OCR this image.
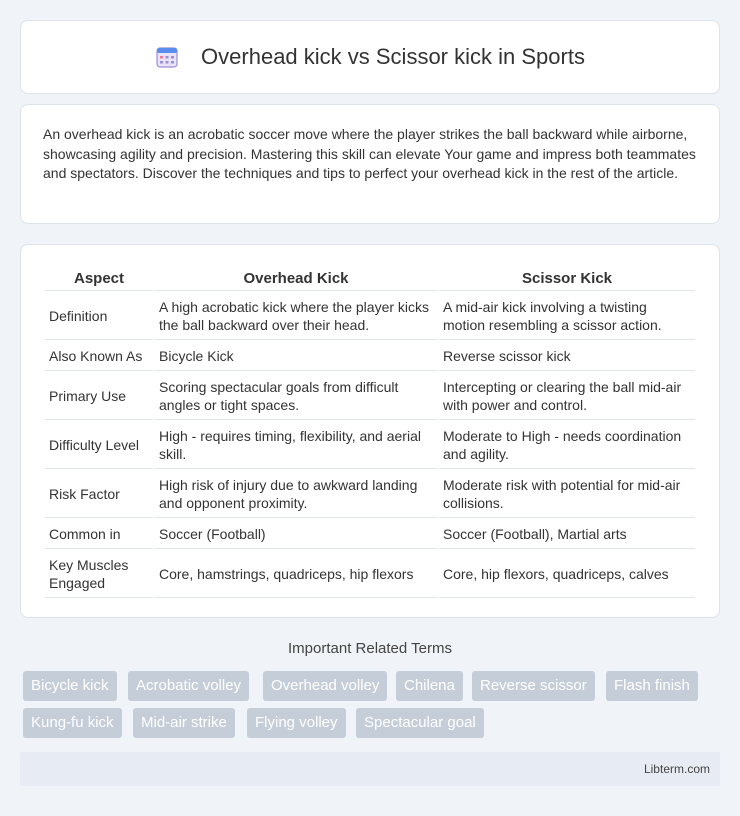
Overhead kick vs Scissor kick in Sports

An overhead kick is an acrobatic soccer move where the player strikes the ball backward while airborne, showcasing agility and precision. Mastering this skill can elevate Your game and impress both teammates and spectators. Discover the techniques and tips to perfect your overhead kick in the rest of the article.

Aspect	Overhead Kick	Scissor Kick
Definition	A high acrobatic kick where the player kicks the ball backward over their head.	A mid-air kick involving a twisting motion resembling a scissor action.
Also Known As	Bicycle Kick	Reverse scissor kick
Primary Use	Scoring spectacular goals from difficult angles or tight spaces.	Intercepting or clearing the ball mid-air with power and control.
Difficulty Level	High - requires timing, flexibility, and aerial skill.	Moderate to High - needs coordination and agility.
Risk Factor	High risk of injury due to awkward landing and opponent proximity.	Moderate risk with potential for mid-air collisions.
Common in	Soccer (Football)	Soccer (Football), Martial arts
Key Muscles Engaged	Core, hamstrings, quadriceps, hip flexors	Core, hip flexors, quadriceps, calves
Important Related Terms
Bicycle kick	Acrobatic volley	Overhead volley	Chilena	Reverse scissor	Flash finish
Kung-fu kick	Mid-air strike	Flying volley	Spectacular goal
Libterm.com
